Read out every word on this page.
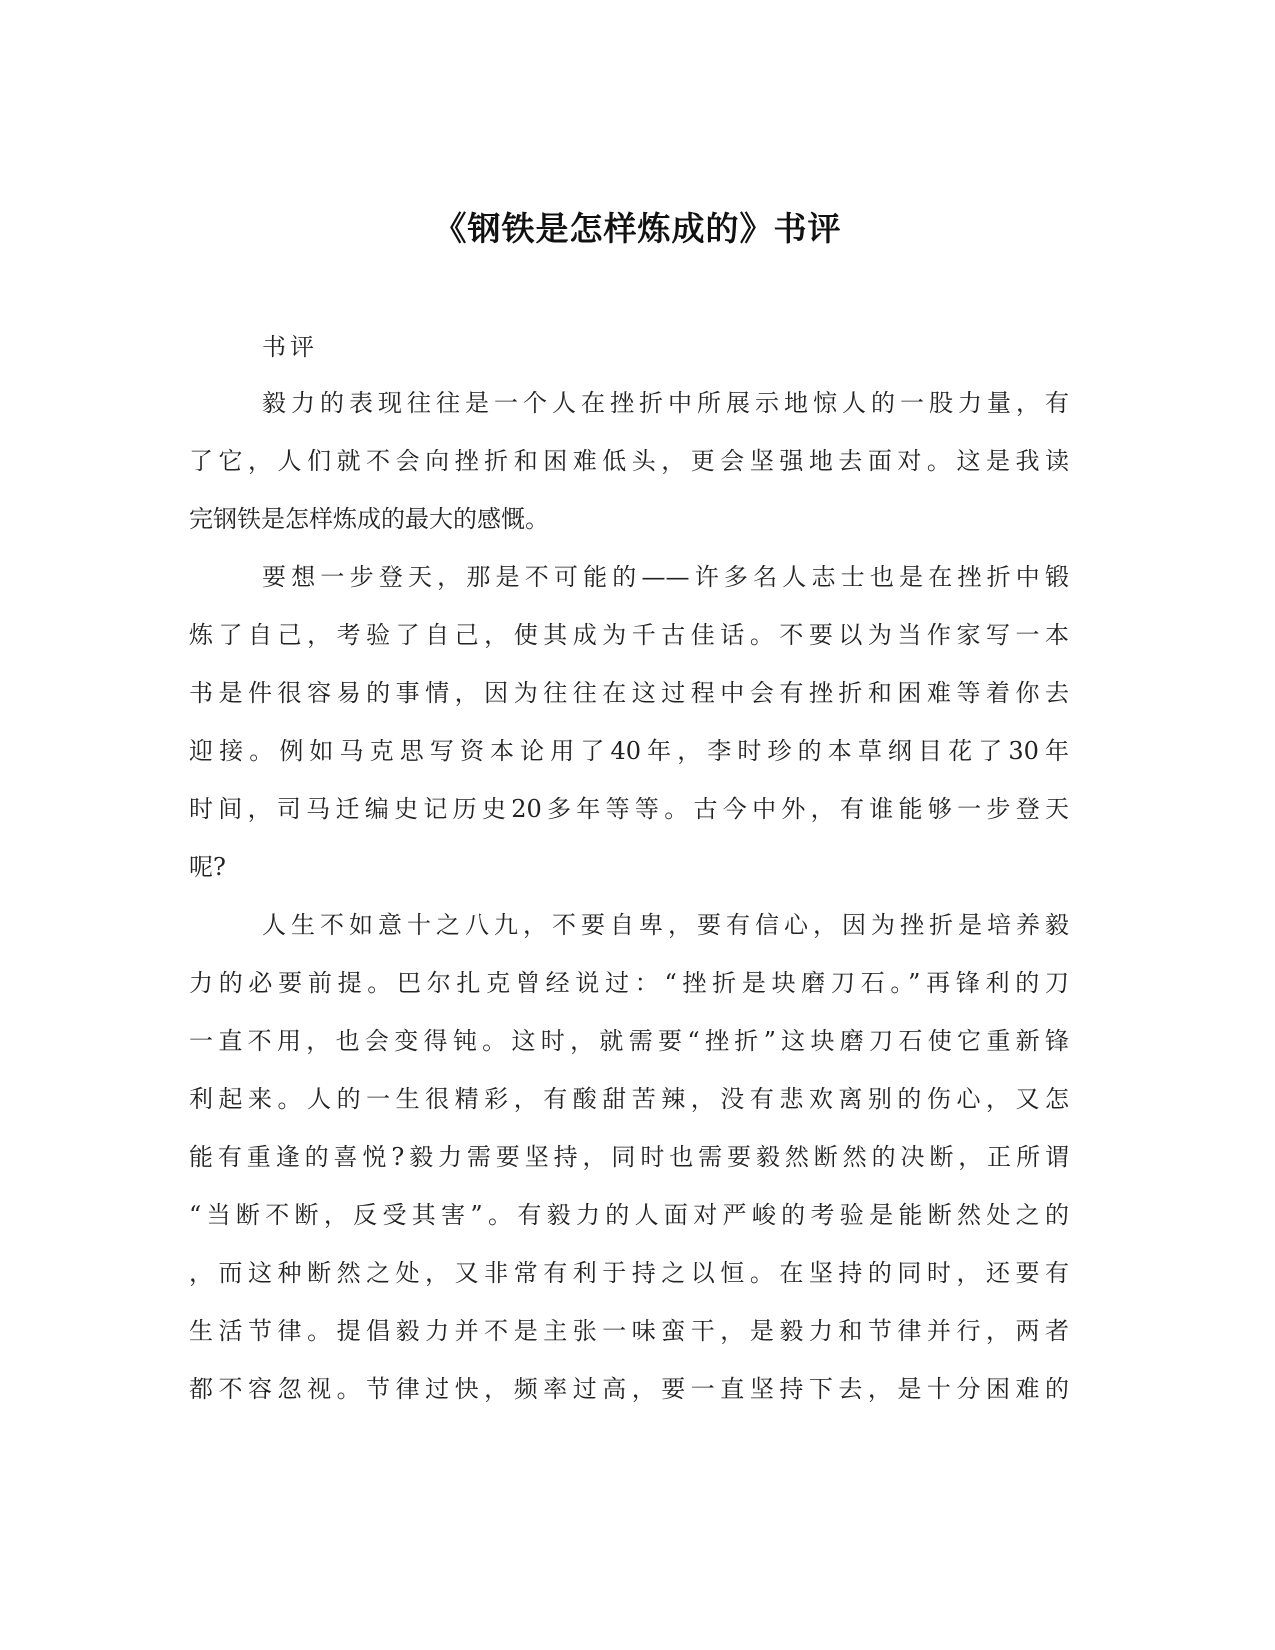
《钢铁是怎样炼成的》书评

书评

毅力的表现往往是一个人在挫折中所展示地惊人的一股力量，有

了它，人们就不会向挫折和困难低头，更会坚强地去面对。这是我读

完钢铁是怎样炼成的最大的感慨。

要想一步登天，那是不可能的——许多名人志士也是在挫折中锻

炼了自己，考验了自己，使其成为千古佳话。不要以为当作家写一本

书是件很容易的事情，因为往往在这过程中会有挫折和困难等着你去

迎接。例如马克思写资本论用了40年，李时珍的本草纲目花了30年

时间，司马迁编史记历史20多年等等。古今中外，有谁能够一步登天

呢?

人生不如意十之八九，不要自卑，要有信心，因为挫折是培养毅

力的必要前提。巴尔扎克曾经说过：“挫折是块磨刀石。”再锋利的刀

一直不用，也会变得钝。这时，就需要“挫折”这块磨刀石使它重新锋

利起来。人的一生很精彩，有酸甜苦辣，没有悲欢离别的伤心，又怎

能有重逢的喜悦?毅力需要坚持，同时也需要毅然断然的决断，正所谓

“当断不断，反受其害”。有毅力的人面对严峻的考验是能断然处之的

，而这种断然之处，又非常有利于持之以恒。在坚持的同时，还要有

生活节律。提倡毅力并不是主张一味蛮干，是毅力和节律并行，两者

都不容忽视。节律过快，频率过高，要一直坚持下去，是十分困难的
